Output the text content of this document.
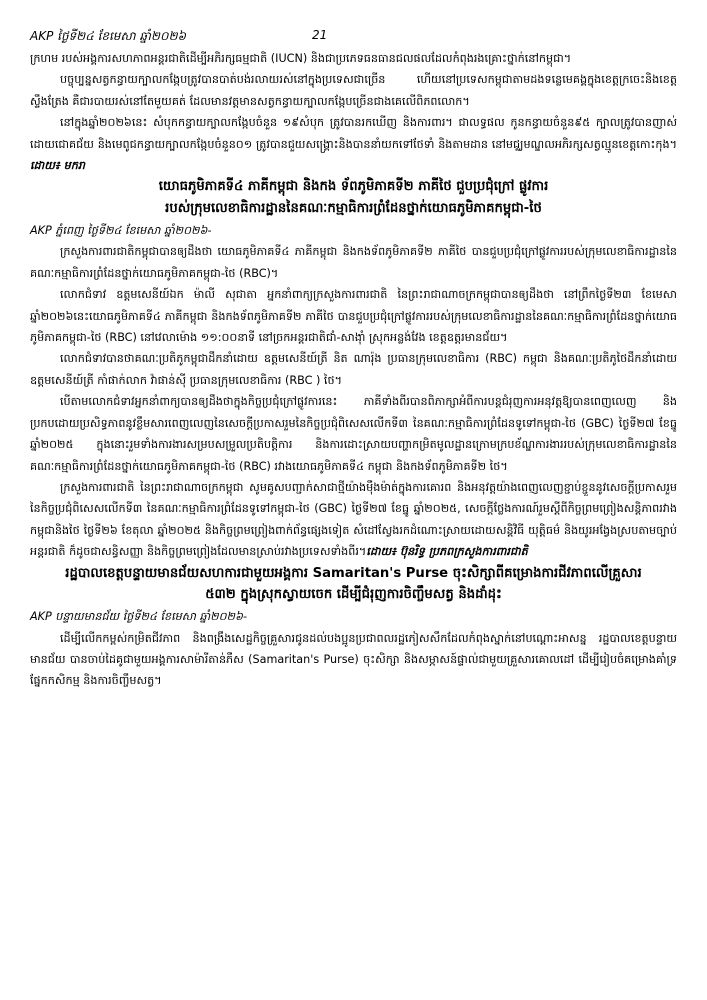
AKP ថ្ងៃទី២៤ ខែមេសា ឆ្នាំ២០២៦	21

ក្រហម របស់អង្គការសហភាពអន្តរជាតិដើម្បីអភិរក្សធម្មជាតិ (IUCN) និងជាប្រភេទធនធានជលផលដែលកំពុងរងគ្រោះថ្នាក់នៅកម្ពុជា។

បច្ចុប្បន្នសត្វកន្ធាយក្បាលកង្កែបត្រូវបានបាត់បង់រលាយរស់នៅក្នុងប្រទេសជាច្រើន ហើយនៅប្រទេសកម្ពុជាតាមដងទន្លេមេគង្គក្នុងខេត្តក្រចេះនិងខេត្តស្ទឹងត្រែង គឺជារបាយរស់នៅតែមួយគត់ ដែលមានវត្តមានសត្វកន្ធាយក្បាលកង្កែបច្រើនជាងគេលើពិភពលោក។

នៅក្នុងឆ្នាំ២០២៦នេះ សំបុកកន្ធាយក្បាលកង្កែបចំនួន ១៩សំបុក ត្រូវបានរកឃើញ និងការពារ។ ជាលទ្ធផល កូនកន្ធាយចំនួន៩៥ ក្បាលត្រូវបានញាស់ដោយជោគជ័យ និងមេពូជកន្ធាយក្បាលកង្កែបចំនួន០១ ត្រូវបានជួយសង្គ្រោះនិងបាននាំយកទៅថែទាំ និងតាមដាន នៅមជ្ឈមណ្ឌលអភិរក្សសត្វល្មូនខេត្តកោះកុង។ដោយ៖ មករា

យោធភូមិភាគទី៤ ភាគីកម្ពុជា និងកង ទ័ពភូមិភាគទី២ ភាគីថៃ ជួបប្រជុំក្រៅ ផ្លូវការ
របស់ក្រុមលេខាធិការដ្ឋាននៃគណៈកម្មាធិការព្រំដែនថ្នាក់យោធភូមិភាគកម្ពុជា-ថៃ
AKP ភ្នំពេញ ថ្ងៃទី២៤ ខែមេសា ឆ្នាំ២០២៦-

ក្រសួងការពារជាតិកម្ពុជាបានឲ្យដឹងថា យោធភូមិភាគទី៤ ភាគីកម្ពុជា និងកងទ័ពភូមិភាគទី២ ភាគីថៃ បានជួបប្រជុំក្រៅផ្លូវការរបស់ក្រុមលេខាធិការដ្ឋាននៃគណៈកម្មាធិការព្រំដែនថ្នាក់យោធភូមិភាគកម្ពុជា-ថៃ (RBC)។

លោកជំទាវ ឧត្តមសេនីយ៍ឯក ម៉ាលី សុជាតា អ្នកនាំពាក្យក្រសួងការពារជាតិ នៃព្រះរាជាណាចក្រកម្ពុជាបានឲ្យដឹងថា នៅព្រឹកថ្ងៃទី២៣ ខែមេសា ឆ្នាំ២០២៦នេះយោធភូមិភាគទី៤ ភាគីកម្ពុជា និងកងទ័ពភូមិភាគទី២ ភាគីថៃ បានជួបប្រជុំក្រៅផ្លូវការរបស់ក្រុមលេខាធិការដ្ឋាននៃគណៈកម្មាធិការព្រំដែនថ្នាក់យោធភូមិភាគកម្ពុជា-ថៃ (RBC) នៅវេលាម៉ោង ១១:០០នាទី នៅច្រកអន្តរជាតិជាំ-សាង៉ាំ ស្រុកអន្លង់វែង ខេត្តឧត្តរមានជ័យ។

លោកជំទាវបានថាគណៈប្រតិភូកម្ពុជាដឹកនាំដោយ ឧត្តមសេនីយ៍ត្រី និត ណារ៉ុង ប្រធានក្រុមលេខាធិការ (RBC) កម្ពុជា និងគណៈប្រតិភូថៃដឹកនាំដោយ ឧត្តមសេនីយ៍ត្រី កាំផាក់លាក វ៉ាផាន់ស៊ី ប្រធានក្រុមលេខាធិការ (RBC ) ថៃ។

បើតាមលោកជំទាវអ្នកនាំពាក្យបានឲ្យដឹងថាក្នុងកិច្ចប្រជុំក្រៅផ្លូវការនេះ ភាគីទាំងពីរបានពិភាក្សាអំពីការបន្តជំរុញការអនុវត្តឱ្យបានពេញលេញ និងប្រកបដោយប្រសិទ្ធភាពនូវខ្លឹមសារពេញលេញនៃសេចក្តីប្រកាសរួមនៃកិច្ចប្រជុំពិសេសលើកទី៣ នៃគណៈកម្មាធិការព្រំដែនទូទៅកម្ពុជា-ថៃ (GBC) ថ្ងៃទី២៧ ខែធ្នូ ឆ្នាំ២០២៥ ក្នុងនោះរួមទាំងការងារសម្របសម្រួលប្រតិបត្តិការ និងការដោះស្រាយបញ្ហាកម្រិតមូលដ្ឋានក្រោមក្របខ័ណ្ឌការងាររបស់ក្រុមលេខាធិការដ្ឋាននៃគណៈកម្មាធិការព្រំដែនថ្នាក់យោធភូមិភាគកម្ពុជា-ថៃ (RBC) រវាងយោធភូមិភាគទី៤ កម្ពុជា និងកងទ័ពភូមិភាគទី២ ថៃ។

ក្រសួងការពារជាតិ នៃព្រះរាជាណាចក្រកម្ពុជា សូមគូសបញ្ជាក់សាជាថ្មីយ៉ាងម៉ឺងម៉ាត់ក្នុងការគោរព និងអនុវត្តយ៉ាងពេញលេញខ្ជាប់ខ្ជួននូវសេចក្តីប្រកាសរួមនៃកិច្ចប្រជុំពិសេសលើកទី៣ នៃគណៈកម្មាធិការព្រំដែនទូទៅកម្ពុជា-ថៃ (GBC) ថ្ងៃទី២៧ ខែធ្នូ ឆ្នាំ២០២៥, សេចក្តីថ្លែងការណ៍រួមស្តីពីកិច្ចព្រមព្រៀងសន្តិភាពរវាងកម្ពុជានិងថៃ ថ្ងៃទី២៦ ខែតុលា ឆ្នាំ២០២៥ និងកិច្ចព្រមព្រៀងពាក់ព័ន្ធផ្សេងទៀត សំដៅស្វែងរកដំណោះស្រាយដោយសន្តិវិធី យុត្តិធម៌ និងយូរអង្វែងស្របតាមច្បាប់អន្តរជាតិ ក៏ដូចជាសន្ធិសញ្ញា និងកិច្ចព្រមព្រៀងដែលមានស្រាប់រវាងប្រទេសទាំងពីរ។ដោយ៖ ប៊ុនរិទ្ធ ប្រភពក្រសួងការពារជាតិ

រដ្ឋបាលខេត្តបន្ទាយមានជ័យសហការជាមួយអង្គការ Samaritan's Purse ចុះសិក្សាពីគម្រោងការជីវភាពលើគ្រួសារ
៥៣២ ក្នុងស្រុកស្វាយចេក ដើម្បីជំរុញការចិញ្ចឹមសត្វ និងដាំដុះ
AKP បន្ទាយមានជ័យ ថ្ងៃទី២៤ ខែមេសា ឆ្នាំ២០២៦-

ដើម្បីលើកកម្ពស់កម្រិតជីវភាព និងពង្រឹងសេដ្ឋកិច្ចគ្រួសារជូនដល់បងប្អូនប្រជាពលរដ្ឋភៀសសឹកដែលកំពុងស្នាក់នៅបណ្តោះអាសន្ន រដ្ឋបាលខេត្តបន្ទាយមានជ័យ បានចាប់ដៃគូជាមួយអង្គការសាម៉ារីតាន់ភឺស (Samaritan's Purse) ចុះសិក្សា និងសម្ភាសន៍ផ្ទាល់ជាមួយគ្រួសារគោលដៅ ដើម្បីរៀបចំគម្រោងគាំទ្រផ្នែកកសិកម្ម និងការចិញ្ចឹមសត្វ។
